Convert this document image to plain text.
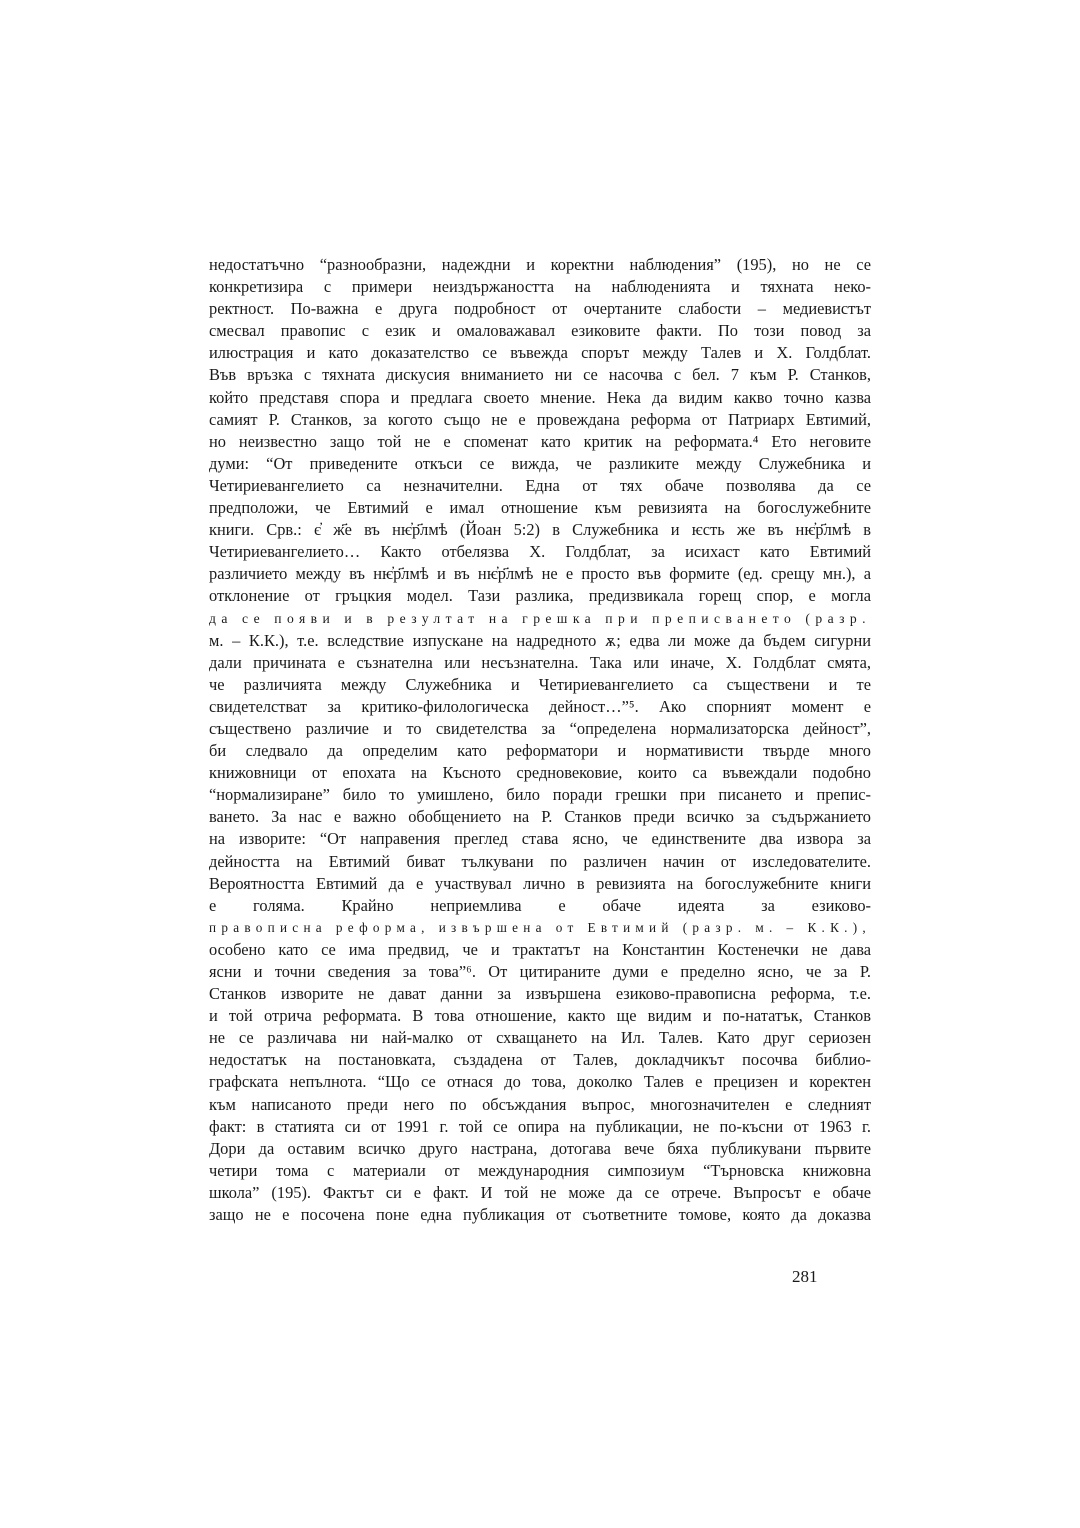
недостатъчно “разнообразни, надеждни и коректни наблюдения” (195), но не се
конкретизира с примери неиздържаността на наблюденията и тяхната неко-
ректност. По-важна е друга подробност от очертаните слабости – медиевистът
смесвал правопис с език и омаловажавал езиковите факти. По този повод за
илюстрация и като доказателство се въвежда спорът между Талев и Х. Голдблат.
Във връзка с тяхната дискусия вниманието ни се насочва с бел. 7 към Р. Станков,
който представя спора и предлага своето мнение. Нека да видим какво точно казва
самият Р. Станков, за когото също не е провеждана реформа от Патриарх Евтимий,
но неизвестно защо той не е споменат като критик на реформата.⁴ Ето неговите
думи: “От приведените откъси се вижда, че разликите между Служебника и
Четириевангелието са незначителни. Една от тях обаче позволява да се
предположи, че Евтимий е имал отношение към ревизията на богослужебните
книги. Срв.: є҆ ж҃е въ нѥ҆р҃лмѣ (Йоан 5:2) в Служебника и ѥсть же въ нѥ҆р҃лмѣ в
Четириевангелието… Както отбелязва Х. Голдблат, за исихаст като Евтимий
различието между въ нѥ҆р҃лмѣ и въ нѥ҆р҃лмѣ не е просто във формите (ед. срещу мн.), а
отклонение от гръцкия модел. Тази разлика, предизвикала горещ спор, е могла
да се появи и в резултат на грешка при преписването (разр.
м. – К.К.), т.е. вследствие изпускане на надредното ѫ; едва ли може да бъдем сигурни
дали причината е съзнателна или несъзнателна. Така или иначе, Х. Голдблат смята,
че различията между Служебника и Четириевангелието са съществени и те
свидетелстват за критико-филологическа дейност…”⁵. Ако спорният момент е
съществено различие и то свидетелства за “определена нормализаторска дейност”,
би следвало да определим като реформатори и нормативисти твърде много
книжовници от епохата на Късното средновековие, които са въвеждали подобно
“нормализиране” било то умишлено, било поради грешки при писането и препис-
ването. За нас е важно обобщението на Р. Станков преди всичко за съдържанието
на изворите: “От направения преглед става ясно, че единствените два извора за
дейността на Евтимий биват тълкувани по различен начин от изследователите.
Вероятността Евтимий да е участвувал лично в ревизията на богослужебните книги
е голяма. Крайно неприемлива е обаче идеята за езиково-
правописна реформа, извършена от Евтимий (разр. м. – К.К.),
особено като се има предвид, че и трактатът на Константин Костенечки не дава
ясни и точни сведения за това”⁶. От цитираните думи е пределно ясно, че за Р.
Станков изворите не дават данни за извършена езиково-правописна реформа, т.е.
и той отрича реформата. В това отношение, както ще видим и по-нататък, Станков
не се различава ни най-малко от схващането на Ил. Талев. Като друг сериозен
недостатък на постановката, създадена от Талев, докладчикът посочва библио-
графската непълнота. “Що се отнася до това, доколко Талев е прецизен и коректен
към написаното преди него по обсъждания въпрос, многозначителен е следният
факт: в статията си от 1991 г. той се опира на публикации, не по-късни от 1963 г.
Дори да оставим всичко друго настрана, дотогава вече бяха публикувани първите
четири тома с материали от международния симпозиум “Търновска книжовна
школа” (195). Фактът си е факт. И той не може да се отрече. Въпросът е обаче
защо не е посочена поне една публикация от съответните томове, която да доказва
281
